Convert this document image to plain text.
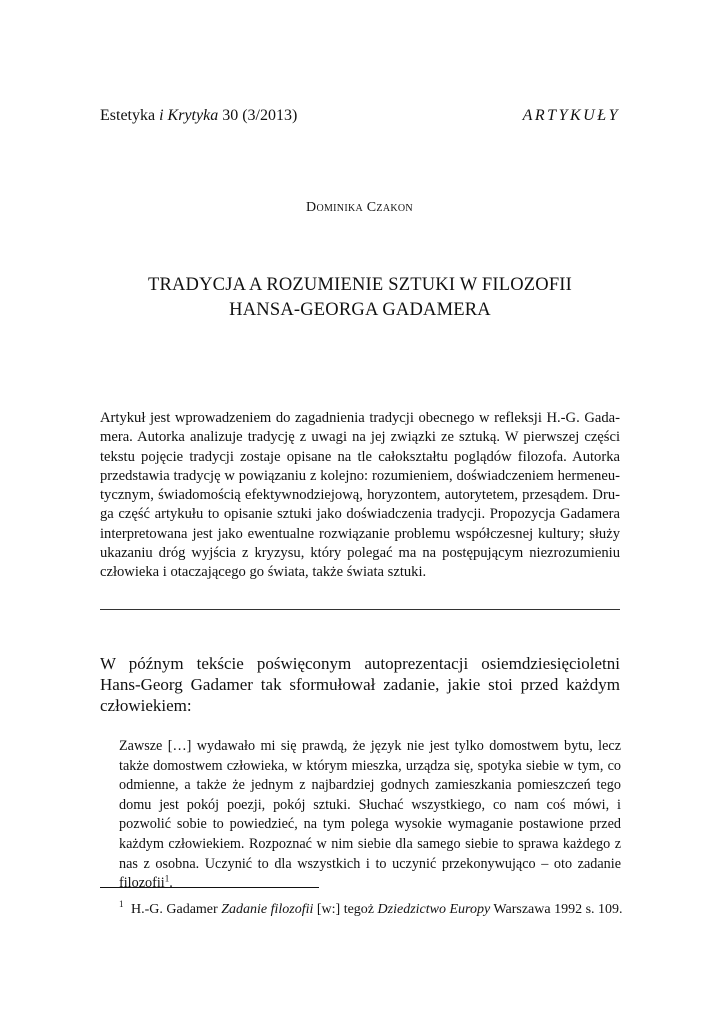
Estetyka i Krytyka 30 (3/2013)	ARTYKUŁY
Dominika Czakon
TRADYCJA A ROZUMIENIE SZTUKI W FILOZOFII
HANSA-GEORGA GADAMERA
Artykuł jest wprowadzeniem do zagadnienia tradycji obecnego w refleksji H.-G. Gadamera. Autorka analizuje tradycję z uwagi na jej związki ze sztuką. W pierwszej części tekstu pojęcie tradycji zostaje opisane na tle całokształtu poglądów filozofa. Autorka przedstawia tradycję w powiązaniu z kolejno: rozumieniem, doświadczeniem hermeneutycznym, świadomością efektywnodziejową, horyzontem, autorytetem, przesądem. Druga część artykułu to opisanie sztuki jako doświadczenia tradycji. Propozycja Gadamera interpretowana jest jako ewentualne rozwiązanie problemu współczesnej kultury; służy ukazaniu dróg wyjścia z kryzysu, który polegać ma na postępującym niezrozumieniu człowieka i otaczającego go świata, także świata sztuki.
W późnym tekście poświęconym autoprezentacji osiemdziesięcioletni Hans-Georg Gadamer tak sformułował zadanie, jakie stoi przed każdym człowiekiem:
Zawsze […] wydawało mi się prawdą, że język nie jest tylko domostwem bytu, lecz także domostwem człowieka, w którym mieszka, urządza się, spotyka siebie w tym, co odmienne, a także że jednym z najbardziej godnych zamieszkania pomieszczeń tego domu jest pokój poezji, pokój sztuki. Słuchać wszystkiego, co nam coś mówi, i pozwolić sobie to powiedzieć, na tym polega wysokie wymaganie postawione przed każdym człowiekiem. Rozpoznać w nim siebie dla samego siebie to sprawa każdego z nas z osobna. Uczynić to dla wszystkich i to uczynić przekonywująco – oto zadanie filozofii$^1$.
$^1$ H.-G. Gadamer Zadanie filozofii [w:] tegoż Dziedzictwo Europy Warszawa 1992 s. 109.
